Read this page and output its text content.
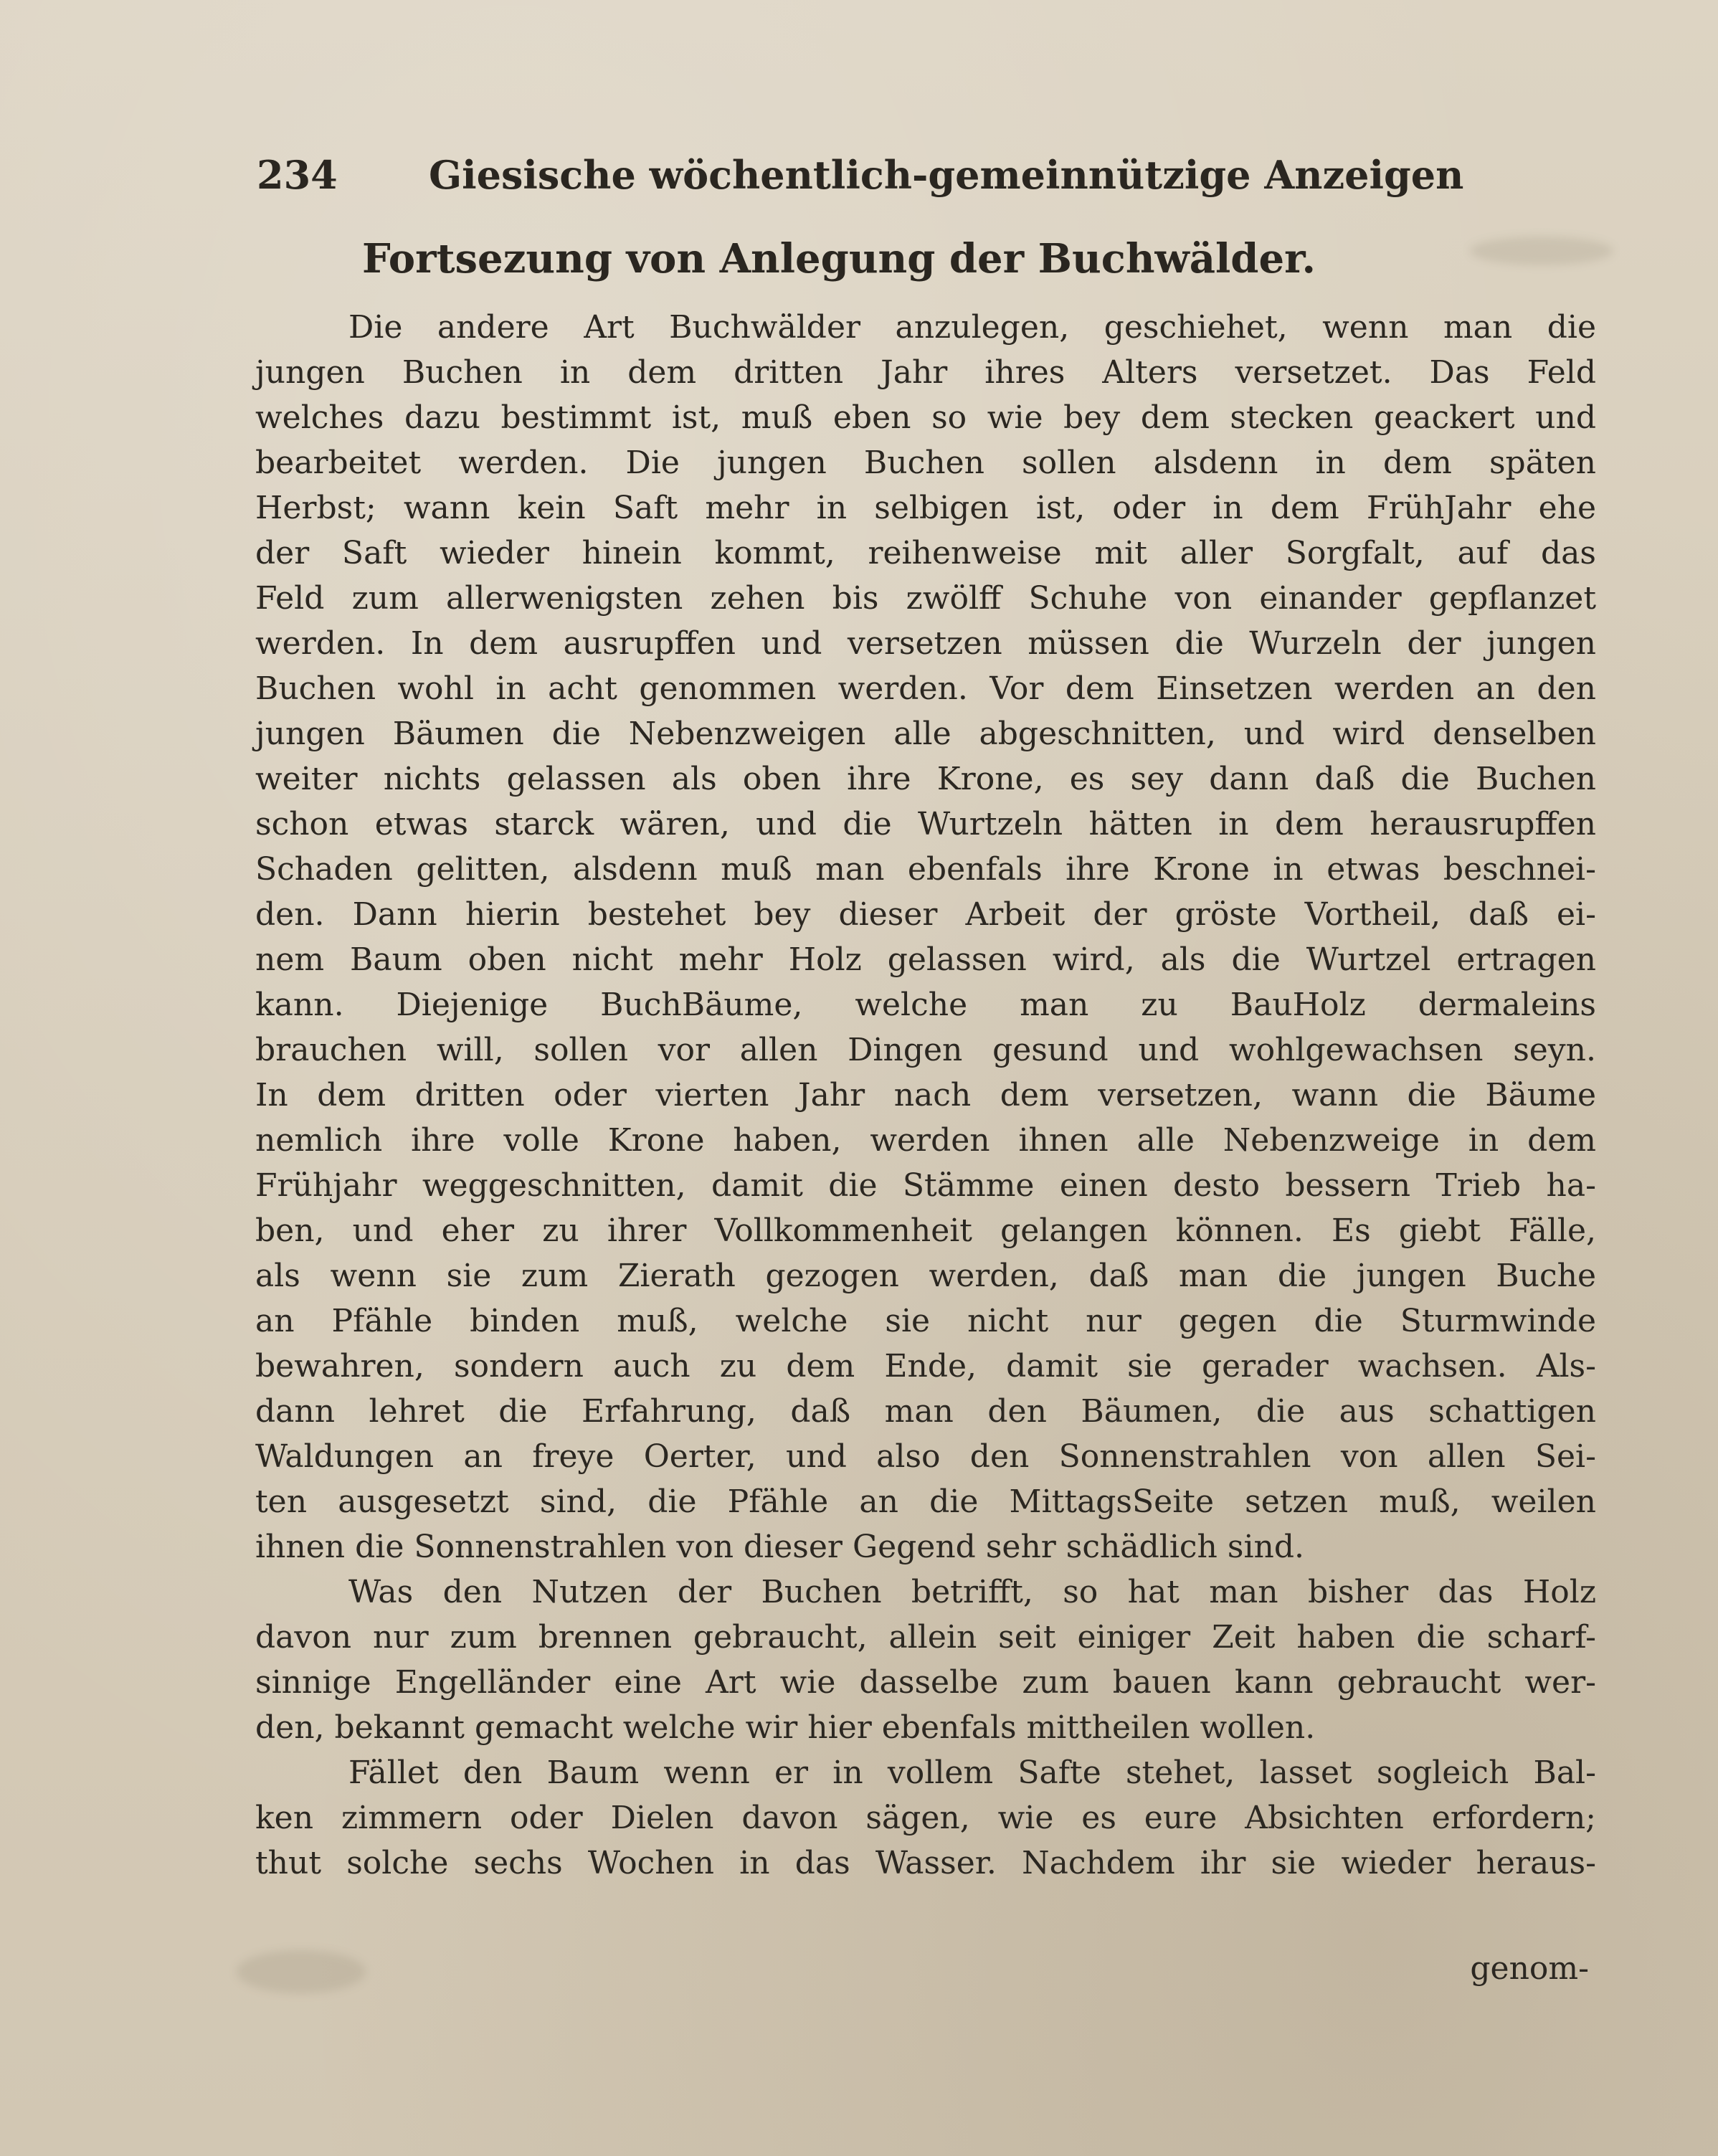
234 Giesische wöchentlich-gemeinnützige Anzeigen
Fortsezung von Anlegung der Buchwälder.
Die andere Art Buchwälder anzulegen, geschiehet, wenn man die
jungen Buchen in dem dritten Jahr ihres Alters versetzet. Das Feld
welches dazu bestimmt ist, muß eben so wie bey dem stecken geackert und
bearbeitet werden. Die jungen Buchen sollen alsdenn in dem späten
Herbst; wann kein Saft mehr in selbigen ist, oder in dem FrühJahr ehe
der Saft wieder hinein kommt, reihenweise mit aller Sorgfalt, auf das
Feld zum allerwenigsten zehen bis zwölff Schuhe von einander gepflanzet
werden. In dem ausrupffen und versetzen müssen die Wurzeln der jungen
Buchen wohl in acht genommen werden. Vor dem Einsetzen werden an den
jungen Bäumen die Nebenzweigen alle abgeschnitten, und wird denselben
weiter nichts gelassen als oben ihre Krone, es sey dann daß die Buchen
schon etwas starck wären, und die Wurtzeln hätten in dem herausrupffen
Schaden gelitten, alsdenn muß man ebenfals ihre Krone in etwas beschnei-
den. Dann hierin bestehet bey dieser Arbeit der gröste Vortheil, daß ei-
nem Baum oben nicht mehr Holz gelassen wird, als die Wurtzel ertragen
kann. Diejenige BuchBäume, welche man zu BauHolz dermaleins
brauchen will, sollen vor allen Dingen gesund und wohlgewachsen seyn.
In dem dritten oder vierten Jahr nach dem versetzen, wann die Bäume
nemlich ihre volle Krone haben, werden ihnen alle Nebenzweige in dem
Frühjahr weggeschnitten, damit die Stämme einen desto bessern Trieb ha-
ben, und eher zu ihrer Vollkommenheit gelangen können. Es giebt Fälle,
als wenn sie zum Zierath gezogen werden, daß man die jungen Buche
an Pfähle binden muß, welche sie nicht nur gegen die Sturmwinde
bewahren, sondern auch zu dem Ende, damit sie gerader wachsen. Als-
dann lehret die Erfahrung, daß man den Bäumen, die aus schattigen
Waldungen an freye Oerter, und also den Sonnenstrahlen von allen Sei-
ten ausgesetzt sind, die Pfähle an die MittagsSeite setzen muß, weilen
ihnen die Sonnenstrahlen von dieser Gegend sehr schädlich sind.
Was den Nutzen der Buchen betrifft, so hat man bisher das Holz
davon nur zum brennen gebraucht, allein seit einiger Zeit haben die scharf-
sinnige Engelländer eine Art wie dasselbe zum bauen kann gebraucht wer-
den, bekannt gemacht welche wir hier ebenfals mittheilen wollen.
Fället den Baum wenn er in vollem Safte stehet, lasset sogleich Bal-
ken zimmern oder Dielen davon sägen, wie es eure Absichten erfordern;
thut solche sechs Wochen in das Wasser. Nachdem ihr sie wieder heraus-
genom-
